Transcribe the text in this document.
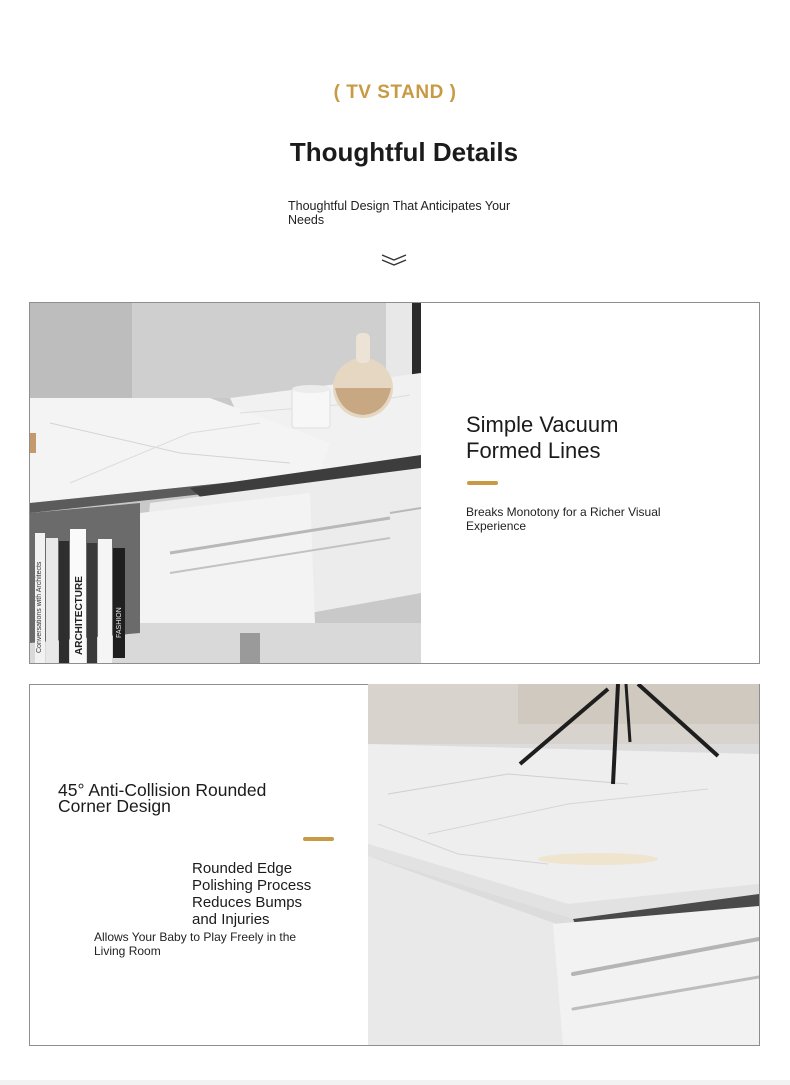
( TV STAND )
Thoughtful Details
Thoughtful Design That Anticipates Your Needs
Conversations with Architects	ARCHITECTURE	FASHION
Simple Vacuum
Formed Lines
Breaks Monotony for a Richer Visual Experience
45° Anti-Collision Rounded
Corner Design
Rounded Edge
Polishing Process
Reduces Bumps
and Injuries
Allows Your Baby to Play Freely in the Living Room
